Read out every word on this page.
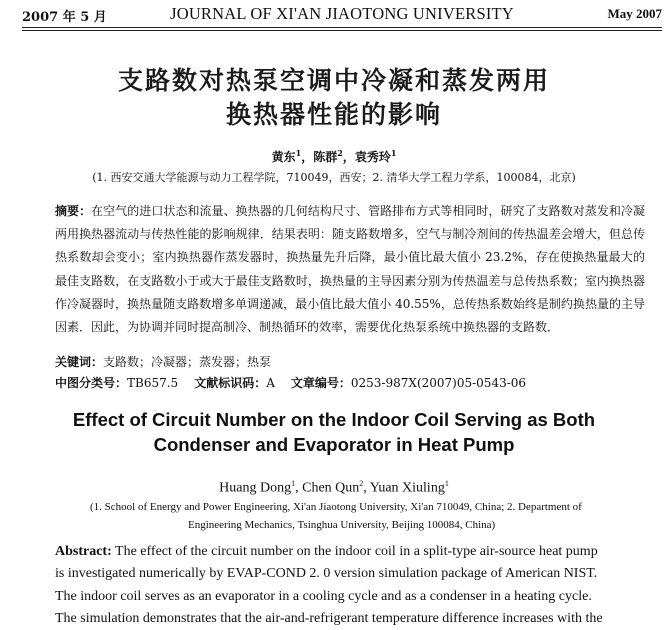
2007 年 5 月	JOURNAL OF XI'AN JIAOTONG UNIVERSITY	May 2007
支路数对热泵空调中冷凝和蒸发两用
换热器性能的影响
黄东$^1$，陈群$^2$，袁秀玲$^1$
(1. 西安交通大学能源与动力工程学院，710049，西安；2. 清华大学工程力学系，100084，北京)
摘要：在空气的进口状态和流量、换热器的几何结构尺寸、管路排布方式等相同时，研究了支路数对蒸发和冷凝两用换热器流动与传热性能的影响规律．结果表明：随支路数增多，空气与制冷剂间的传热温差会增大，但总传热系数却会变小；室内换热器作蒸发器时，换热量先升后降，最小值比最大值小 23.2%，存在使换热量最大的最佳支路数，在支路数小于或大于最佳支路数时，换热量的主导因素分别为传热温差与总传热系数；室内换热器作冷凝器时，换热量随支路数增多单调递减，最小值比最大值小 40.55%，总传热系数始终是制约换热量的主导因素．因此，为协调并同时提高制冷、制热循环的效率，需要优化热泵系统中换热器的支路数．
关键词：支路数；冷凝器；蒸发器；热泵
中图分类号：TB657.5 文献标识码：A 文章编号：0253-987X(2007)05-0543-06
Effect of Circuit Number on the Indoor Coil Serving as Both
Condenser and Evaporator in Heat Pump
Huang Dong$^1$, Chen Qun$^2$, Yuan Xiuling$^1$
(1. School of Energy and Power Engineering, Xi'an Jiaotong University, Xi'an 710049, China; 2. Department of
Engineering Mechanics, Tsinghua University, Beijing 100084, China)
Abstract: The effect of the circuit number on the indoor coil in a split-type air-source heat pump
is investigated numerically by EVAP-COND 2. 0 version simulation package of American NIST.
The indoor coil serves as an evaporator in a cooling cycle and as a condenser in a heating cycle.
The simulation demonstrates that the air-and-refrigerant temperature difference increases with the
